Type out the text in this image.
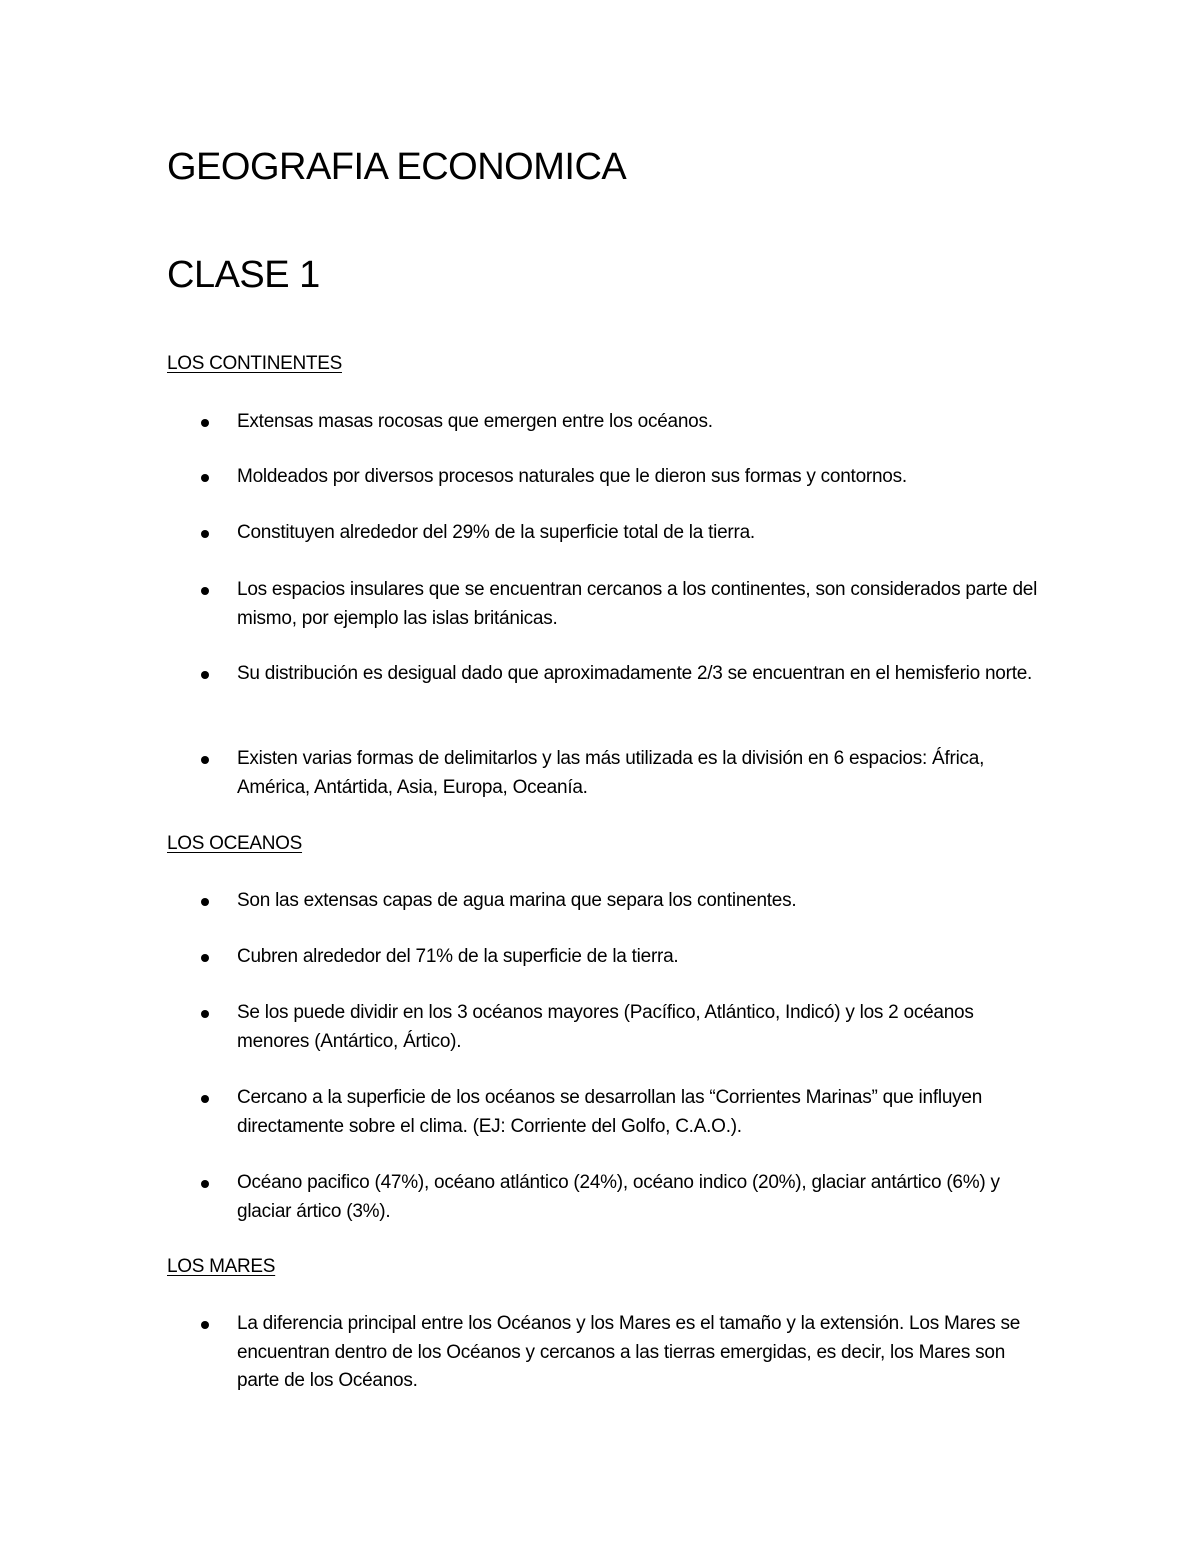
GEOGRAFIA ECONOMICA
CLASE 1
LOS CONTINENTES
Extensas masas rocosas que emergen entre los océanos.
Moldeados por diversos procesos naturales que le dieron sus formas y contornos.
Constituyen alrededor del 29% de la superficie total de la tierra.
Los espacios insulares que se encuentran cercanos a los continentes, son considerados parte del mismo, por ejemplo las islas británicas.
Su distribución es desigual dado que aproximadamente 2/3 se encuentran en el hemisferio norte.
Existen varias formas de delimitarlos y las más utilizada es la división en 6 espacios: África, América, Antártida, Asia, Europa, Oceanía.
LOS OCEANOS
Son las extensas capas de agua marina que separa los continentes.
Cubren alrededor del 71% de la superficie de la tierra.
Se los puede dividir en los 3 océanos mayores (Pacífico, Atlántico, Indicó) y los 2 océanos menores (Antártico, Ártico).
Cercano a la superficie de los océanos se desarrollan las “Corrientes Marinas” que influyen directamente sobre el clima. (EJ: Corriente del Golfo, C.A.O.).
Océano pacifico (47%), océano atlántico (24%), océano indico (20%), glaciar antártico (6%) y glaciar ártico (3%).
LOS MARES
La diferencia principal entre los Océanos y los Mares es el tamaño y la extensión. Los Mares se encuentran dentro de los Océanos y cercanos a las tierras emergidas, es decir, los Mares son parte de los Océanos.
